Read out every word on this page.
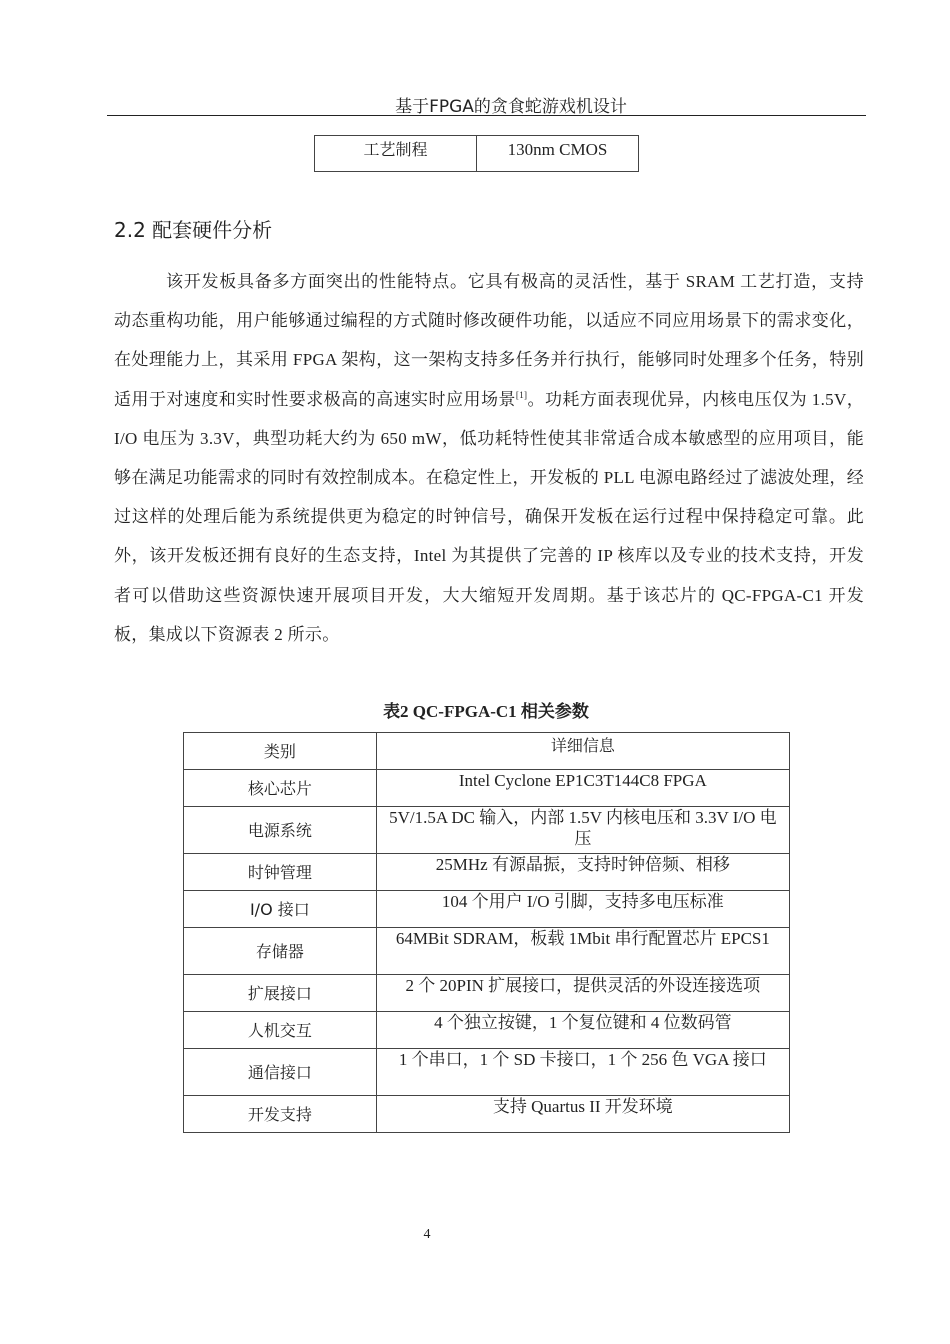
基于FPGA的贪食蛇游戏机设计
工艺制程	130nm CMOS
2.2 配套硬件分析

该开发板具备多方面突出的性能特点。它具有极高的灵活性，基于 SRAM 工艺打造，支持动态重构功能，用户能够通过编程的方式随时修改硬件功能，以适应不同应用场景下的需求变化，在处理能力上，其采用 FPGA 架构，这一架构支持多任务并行执行，能够同时处理多个任务，特别适用于对速度和实时性要求极高的高速实时应用场景[1]。功耗方面表现优异，内核电压仅为 1.5V，I/O 电压为 3.3V，典型功耗大约为 650 mW，低功耗特性使其非常适合成本敏感型的应用项目，能够在满足功能需求的同时有效控制成本。在稳定性上，开发板的 PLL 电源电路经过了滤波处理，经过这样的处理后能为系统提供更为稳定的时钟信号，确保开发板在运行过程中保持稳定可靠。此外，该开发板还拥有良好的生态支持，Intel 为其提供了完善的 IP 核库以及专业的技术支持，开发者可以借助这些资源快速开展项目开发，大大缩短开发周期。基于该芯片的 QC-FPGA-C1 开发板，集成以下资源表 2 所示。

表2 QC-FPGA-C1 相关参数
类别	详细信息
核心芯片	Intel Cyclone EP1C3T144C8 FPGA
电源系统	5V/1.5A DC 输入，内部 1.5V 内核电压和 3.3V I/O 电压
时钟管理	25MHz 有源晶振，支持时钟倍频、相移
I/O 接口	104 个用户 I/O 引脚，支持多电压标准
存储器	64MBit SDRAM，板载 1Mbit 串行配置芯片 EPCS1
扩展接口	2 个 20PIN 扩展接口，提供灵活的外设连接选项
人机交互	4 个独立按键，1 个复位键和 4 位数码管
通信接口	1 个串口，1 个 SD 卡接口，1 个 256 色 VGA 接口
开发支持	支持 Quartus II 开发环境
4
